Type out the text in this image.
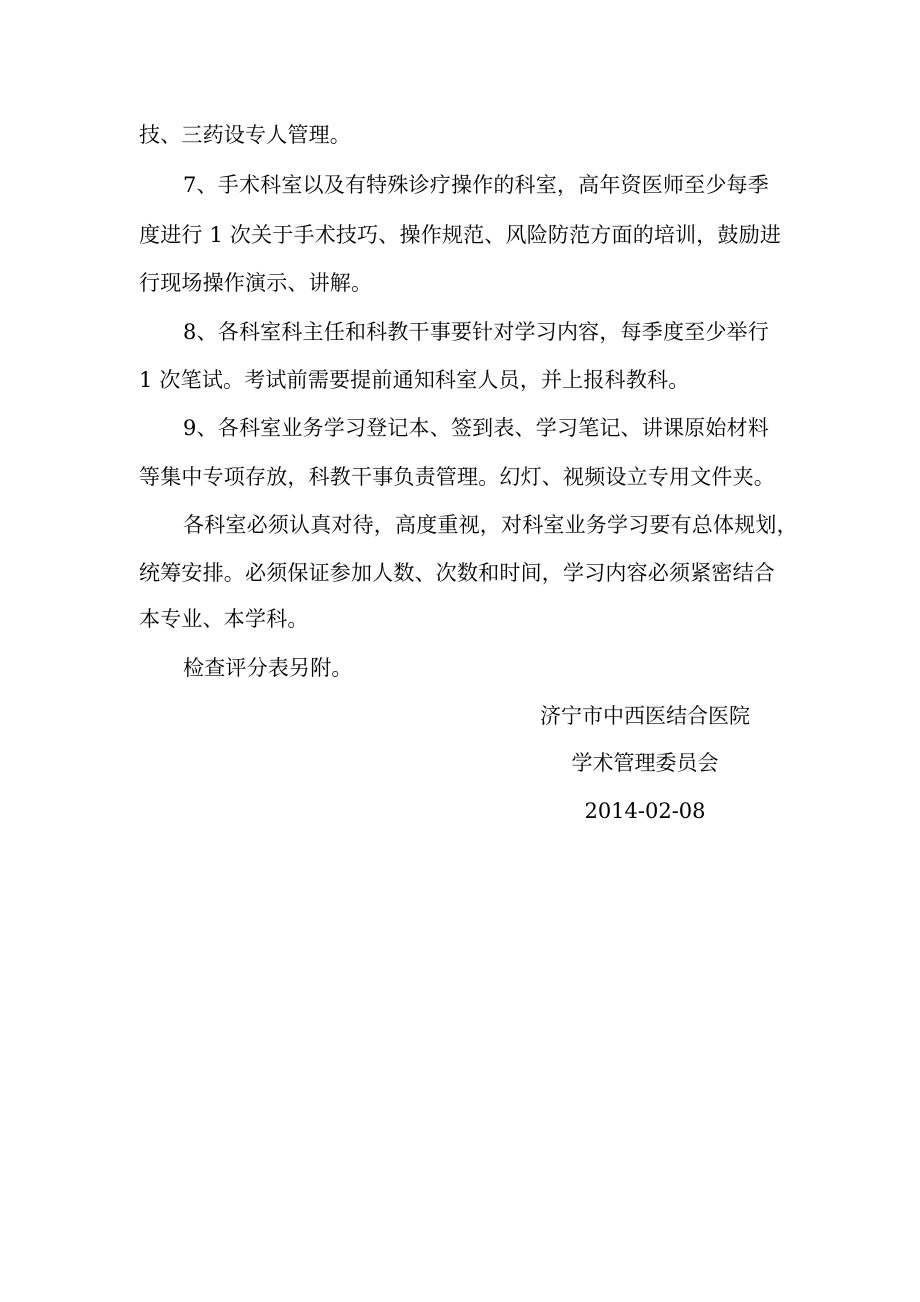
技、三药设专人管理。
7、手术科室以及有特殊诊疗操作的科室，高年资医师至少每季
度进行 1 次关于手术技巧、操作规范、风险防范方面的培训，鼓励进
行现场操作演示、讲解。
8、各科室科主任和科教干事要针对学习内容，每季度至少举行
1 次笔试。考试前需要提前通知科室人员，并上报科教科。
9、各科室业务学习登记本、签到表、学习笔记、讲课原始材料
等集中专项存放，科教干事负责管理。幻灯、视频设立专用文件夹。
各科室必须认真对待，高度重视，对科室业务学习要有总体规划，
统筹安排。必须保证参加人数、次数和时间，学习内容必须紧密结合
本专业、本学科。
检查评分表另附。
济宁市中西医结合医院
学术管理委员会
2014-02-08
